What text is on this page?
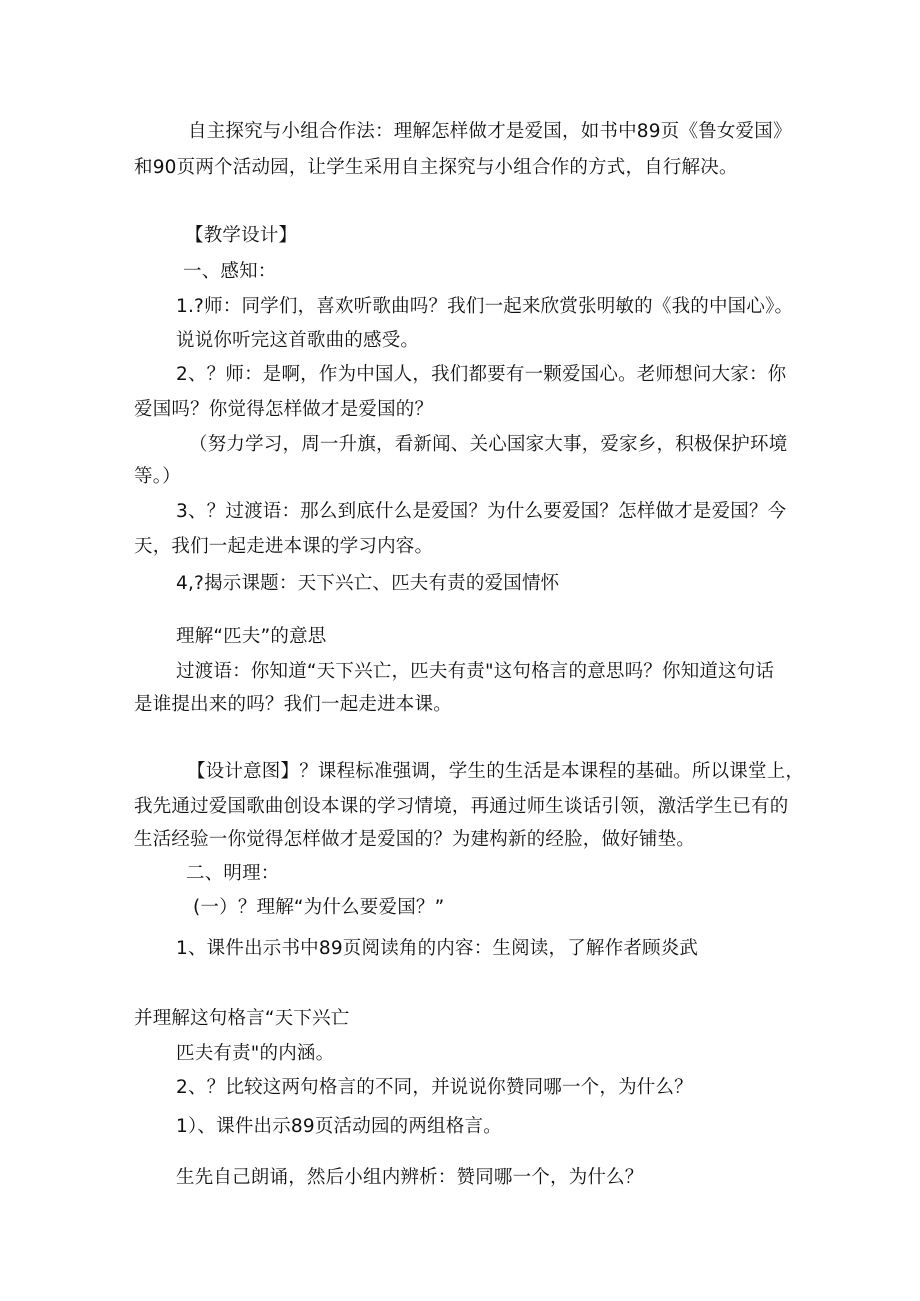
自主探究与小组合作法：理解怎样做才是爱国，如书中89页《鲁女爱国》
和90页两个活动园，让学生采用自主探究与小组合作的方式，自行解决。
【教学设计】
一、感知：
1.?师：同学们，喜欢听歌曲吗？我们一起来欣赏张明敏的《我的中国心》。
说说你听完这首歌曲的感受。
2、？师：是啊，作为中国人，我们都要有一颗爱国心。老师想问大家：你
爱国吗？你觉得怎样做才是爱国的？
（努力学习，周一升旗，看新闻、关心国家大事，爱家乡，积极保护环境
等。）
3、？过渡语：那么到底什么是爱国？为什么要爱国？怎样做才是爱国？今
天，我们一起走进本课的学习内容。
4,?揭示课题：天下兴亡、匹夫有责的爱国情怀
理解“匹夫”的意思
过渡语：你知道“天下兴亡，匹夫有责"这句格言的意思吗？你知道这句话
是谁提出来的吗？我们一起走进本课。
【设计意图】？课程标准强调，学生的生活是本课程的基础。所以课堂上，
我先通过爱国歌曲创设本课的学习情境，再通过师生谈话引领，激活学生已有的
生活经验一你觉得怎样做才是爱国的？为建构新的经脸，做好铺垫。
二、明理：
(一）？理解“为什么要爱国？”
1、课件出示书中89页阅读角的内容：生阅读，了解作者顾炎武
并理解这句格言“天下兴亡
匹夫有责"的内涵。
2、？比较这两句格言的不同，并说说你赞同哪一个，为什么？
1）、课件出示89页活动园的两组格言。
生先自己朗诵，然后小组内辨析：赞同哪一个，为什么？
